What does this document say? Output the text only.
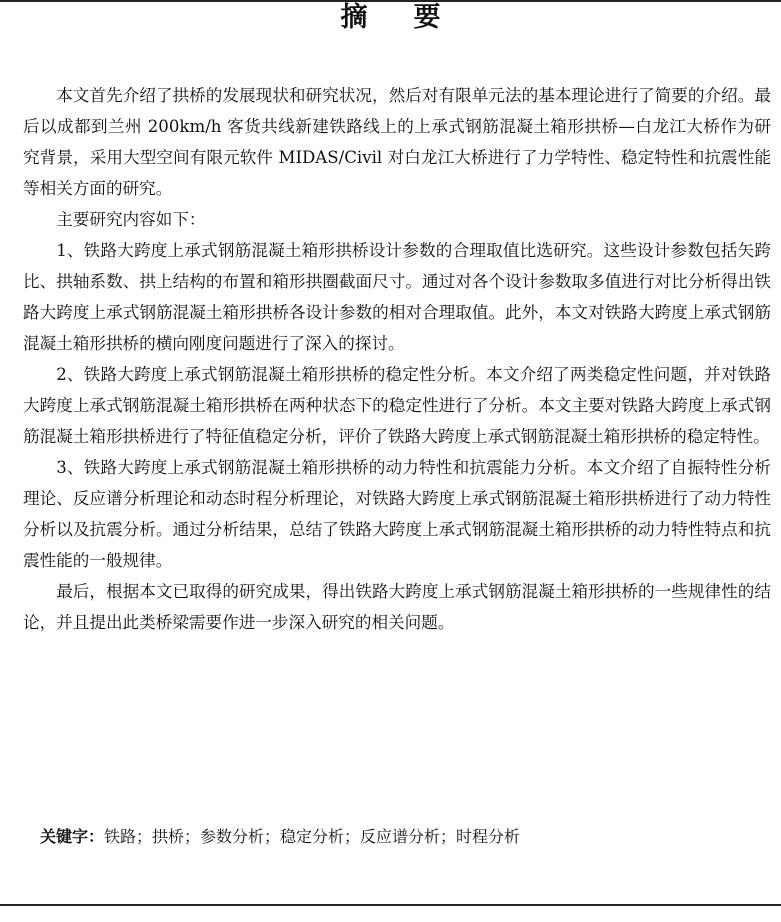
摘要

本文首先介绍了拱桥的发展现状和研究状况，然后对有限单元法的基本理论进行了简要的介绍。最后以成都到兰州 200km/h 客货共线新建铁路线上的上承式钢筋混凝土箱形拱桥—白龙江大桥作为研究背景，采用大型空间有限元软件 MIDAS/Civil 对白龙江大桥进行了力学特性、稳定特性和抗震性能等相关方面的研究。

主要研究内容如下：

1、铁路大跨度上承式钢筋混凝土箱形拱桥设计参数的合理取值比选研究。这些设计参数包括矢跨比、拱轴系数、拱上结构的布置和箱形拱圈截面尺寸。通过对各个设计参数取多值进行对比分析得出铁路大跨度上承式钢筋混凝土箱形拱桥各设计参数的相对合理取值。此外，本文对铁路大跨度上承式钢筋混凝土箱形拱桥的横向刚度问题进行了深入的探讨。

2、铁路大跨度上承式钢筋混凝土箱形拱桥的稳定性分析。本文介绍了两类稳定性问题，并对铁路大跨度上承式钢筋混凝土箱形拱桥在两种状态下的稳定性进行了分析。本文主要对铁路大跨度上承式钢筋混凝土箱形拱桥进行了特征值稳定分析，评价了铁路大跨度上承式钢筋混凝土箱形拱桥的稳定特性。

3、铁路大跨度上承式钢筋混凝土箱形拱桥的动力特性和抗震能力分析。本文介绍了自振特性分析理论、反应谱分析理论和动态时程分析理论，对铁路大跨度上承式钢筋混凝土箱形拱桥进行了动力特性分析以及抗震分析。通过分析结果，总结了铁路大跨度上承式钢筋混凝土箱形拱桥的动力特性特点和抗震性能的一般规律。

最后，根据本文已取得的研究成果，得出铁路大跨度上承式钢筋混凝土箱形拱桥的一些规律性的结论，并且提出此类桥梁需要作进一步深入研究的相关问题。

关键字：铁路；拱桥；参数分析；稳定分析；反应谱分析；时程分析
